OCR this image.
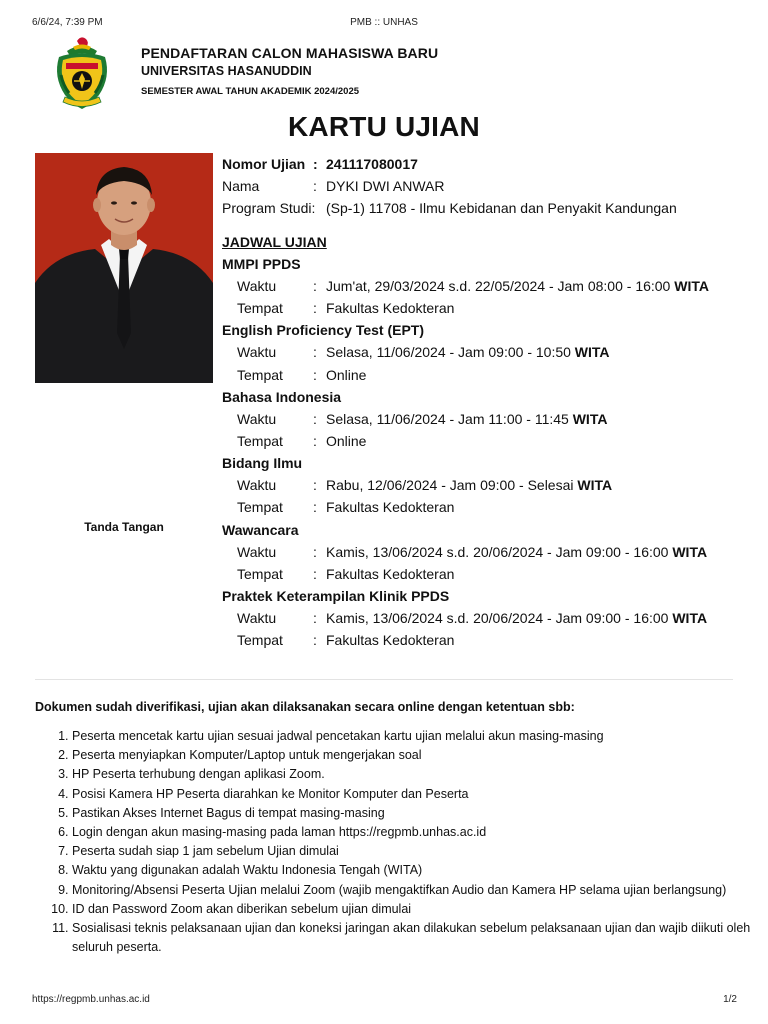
6/6/24, 7:39 PM	PMB :: UNHAS
PENDAFTARAN CALON MAHASISWA BARU
UNIVERSITAS HASANUDDIN
SEMESTER AWAL TAHUN AKADEMIK 2024/2025
KARTU UJIAN
Tanda Tangan
Nomor Ujian : 241117080017
Nama	: DYKI DWI ANWAR
Program Studi: (Sp-1) 11708 - Ilmu Kebidanan dan Penyakit Kandungan
JADWAL UJIAN
MMPI PPDS
Waktu	: Jum'at, 29/03/2024 s.d. 22/05/2024 - Jam 08:00 - 16:00 WITA
Tempat : Fakultas Kedokteran
English Proficiency Test (EPT)
Waktu	: Selasa, 11/06/2024 - Jam 09:00 - 10:50 WITA
Tempat : Online
Bahasa Indonesia
Waktu	: Selasa, 11/06/2024 - Jam 11:00 - 11:45 WITA
Tempat : Online
Bidang Ilmu
Waktu	: Rabu, 12/06/2024 - Jam 09:00 - Selesai WITA
Tempat : Fakultas Kedokteran
Wawancara
Waktu	: Kamis, 13/06/2024 s.d. 20/06/2024 - Jam 09:00 - 16:00 WITA
Tempat : Fakultas Kedokteran
Praktek Keterampilan Klinik PPDS
Waktu	: Kamis, 13/06/2024 s.d. 20/06/2024 - Jam 09:00 - 16:00 WITA
Tempat : Fakultas Kedokteran
Dokumen sudah diverifikasi, ujian akan dilaksanakan secara online dengan ketentuan sbb:
1. Peserta mencetak kartu ujian sesuai jadwal pencetakan kartu ujian melalui akun masing-masing
2. Peserta menyiapkan Komputer/Laptop untuk mengerjakan soal
3. HP Peserta terhubung dengan aplikasi Zoom.
4. Posisi Kamera HP Peserta diarahkan ke Monitor Komputer dan Peserta
5. Pastikan Akses Internet Bagus di tempat masing-masing
6. Login dengan akun masing-masing pada laman https://regpmb.unhas.ac.id
7. Peserta sudah siap 1 jam sebelum Ujian dimulai
8. Waktu yang digunakan adalah Waktu Indonesia Tengah (WITA)
9. Monitoring/Absensi Peserta Ujian melalui Zoom (wajib mengaktifkan Audio dan Kamera HP selama ujian berlangsung)
10. ID dan Password Zoom akan diberikan sebelum ujian dimulai
11. Sosialisasi teknis pelaksanaan ujian dan koneksi jaringan akan dilakukan sebelum pelaksanaan ujian dan wajib diikuti oleh seluruh peserta.
https://regpmb.unhas.ac.id	1/2
